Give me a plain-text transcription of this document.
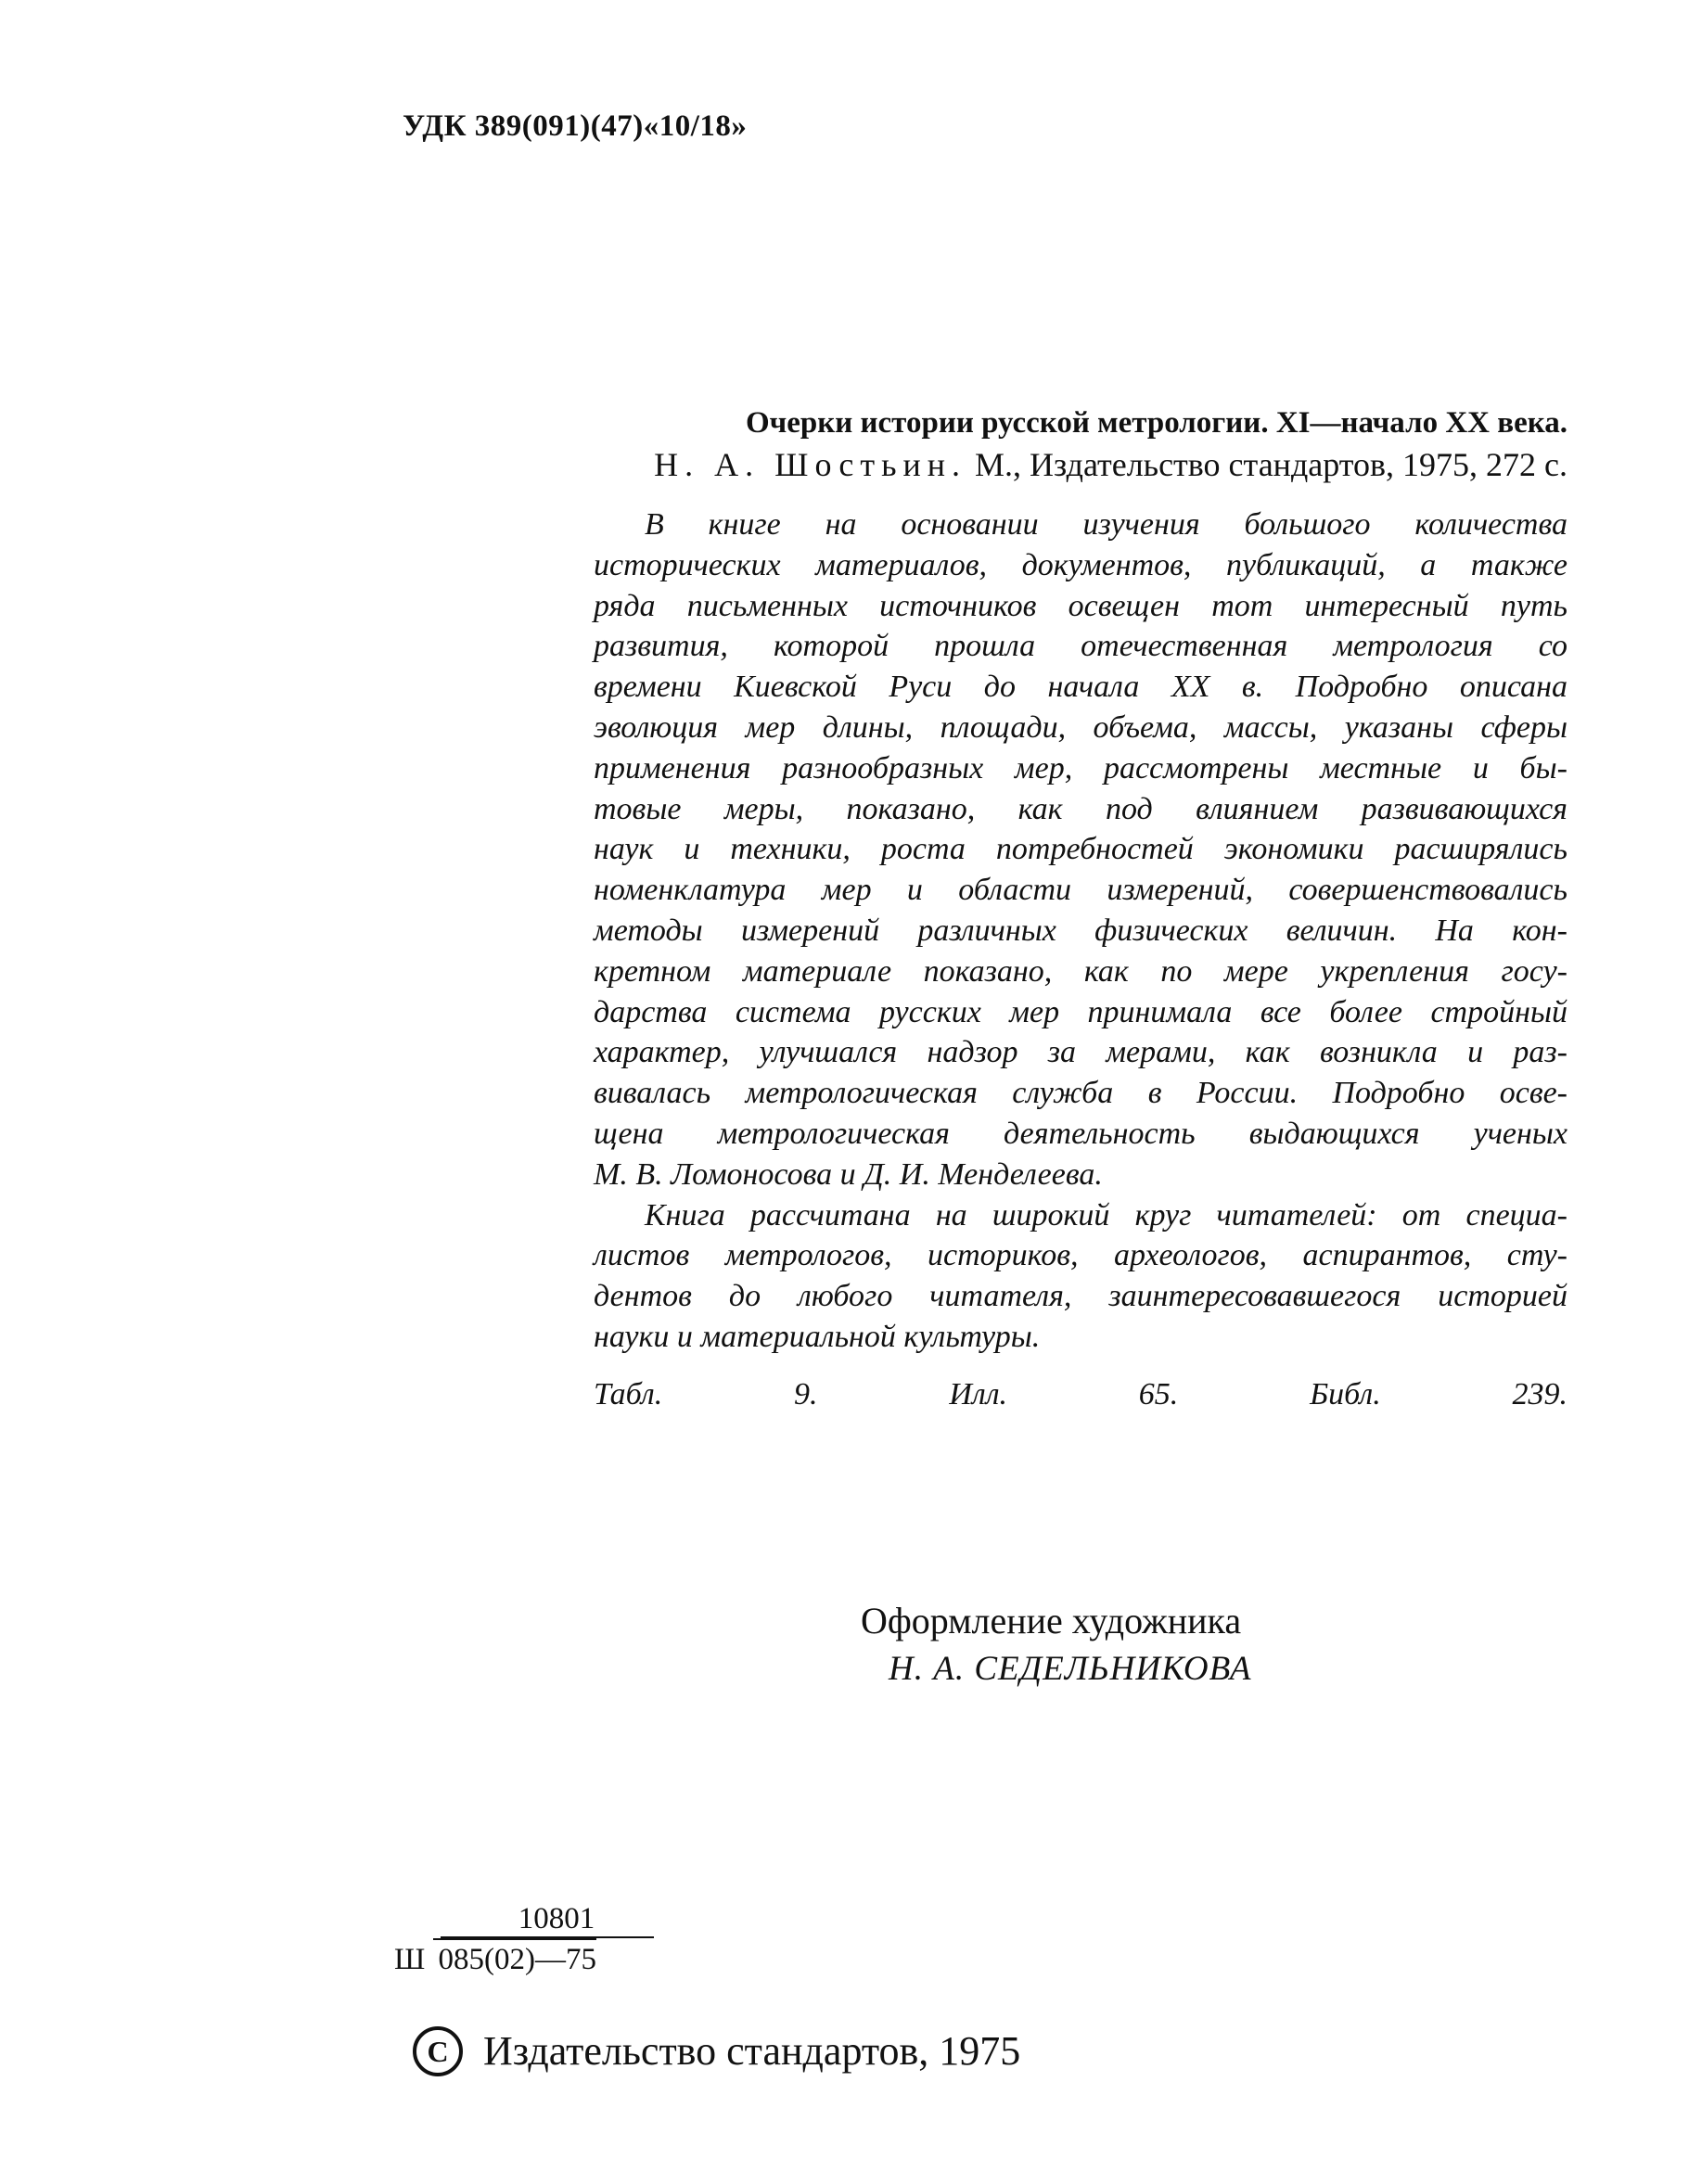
УДК 389(091)(47)«10/18»
Очерки истории русской метрологии. XI—начало XX века.
Н. А. Шостьин. М., Издательство стандартов, 1975, 272 с.
В книге на основании изучения большого количества
исторических материалов, документов, публикаций, а также
ряда письменных источников освещен тот интересный путь
развития, которой прошла отечественная метрология со
времени Киевской Руси до начала XX в. Подробно описана
эволюция мер длины, площади, объема, массы, указаны сферы
применения разнообразных мер, рассмотрены местные и бы-
товые меры, показано, как под влиянием развивающихся
наук и техники, роста потребностей экономики расширялись
номенклатура мер и области измерений, совершенствовались
методы измерений различных физических величин. На кон-
кретном материале показано, как по мере укрепления госу-
дарства система русских мер принимала все более стройный
характер, улучшался надзор за мерами, как возникла и раз-
вивалась метрологическая служба в России. Подробно осве-
щена метрологическая деятельность выдающихся ученых
М. В. Ломоносова и Д. И. Менделеева.
Книга рассчитана на широкий круг читателей: от специа-
листов метрологов, историков, археологов, аспирантов, сту-
дентов до любого читателя, заинтересовавшегося историей
науки и материальной культуры.
Табл. 9. Илл. 65. Библ. 239.
Оформление художника
Н. А. СЕДЕЛЬНИКОВА
10801
Ш 085(02)—75
C Издательство стандартов, 1975
